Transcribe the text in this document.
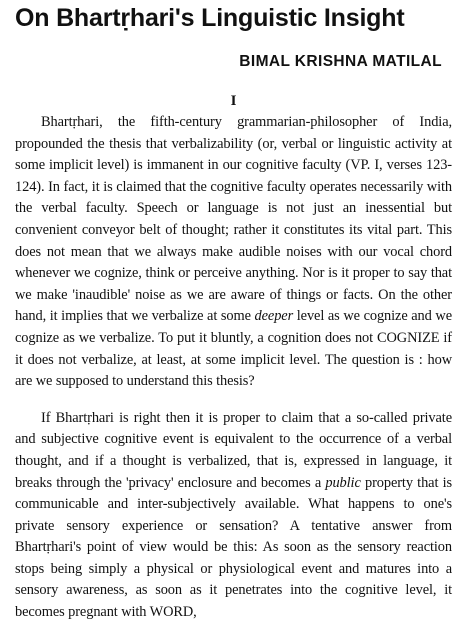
On Bhartṛhari's Linguistic Insight
BIMAL KRISHNA MATILAL
I

Bhartṛhari, the fifth-century grammarian-philosopher of India, propounded the thesis that verbalizability (or, verbal or linguistic activity at some implicit level) is immanent in our cognitive faculty (VP. I, verses 123-124). In fact, it is claimed that the cognitive faculty operates necessarily with the verbal faculty. Speech or language is not just an inessential but convenient conveyor belt of thought; rather it constitutes its vital part. This does not mean that we always make audible noises with our vocal chord whenever we cognize, think or perceive anything. Nor is it proper to say that we make 'inaudible' noise as we are aware of things or facts. On the other hand, it implies that we verbalize at some deeper level as we cognize and we cognize as we verbalize. To put it bluntly, a cognition does not COGNIZE if it does not verbalize, at least, at some implicit level. The question is : how are we supposed to understand this thesis?

If Bhartṛhari is right then it is proper to claim that a so-called private and subjective cognitive event is equivalent to the occurrence of a verbal thought, and if a thought is verbalized, that is, expressed in language, it breaks through the 'privacy' enclosure and becomes a public property that is communicable and inter-subjectively available. What happens to one's private sensory experience or sensation? A tentative answer from Bhartṛhari's point of view would be this: As soon as the sensory reaction stops being simply a physical or physiological event and matures into a sensory awareness, as soon as it penetrates into the cognitive level, it becomes pregnant with WORD,
